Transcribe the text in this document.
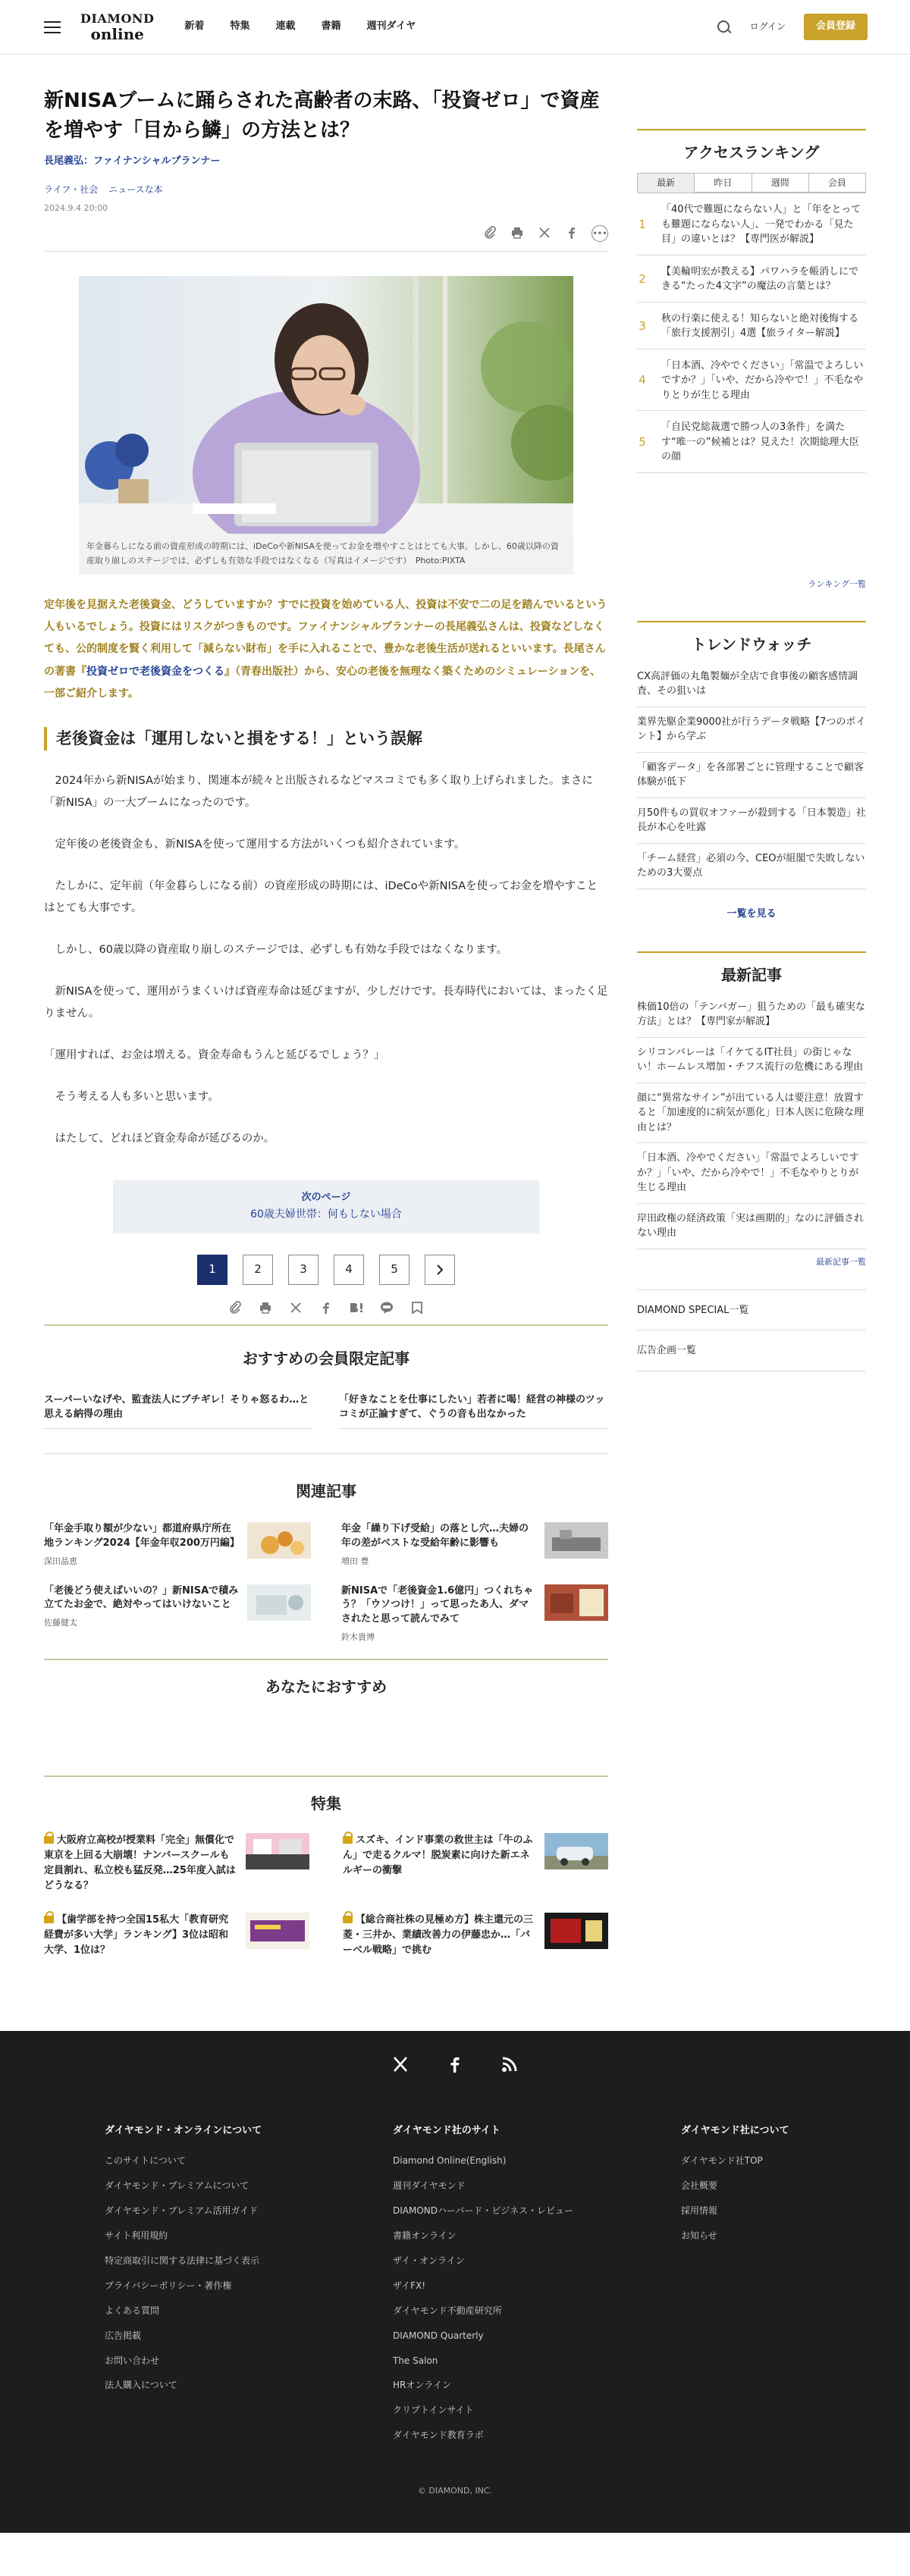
DIAMOND
online	新着	特集	連載	書籍	週刊ダイヤ	ログイン	会員登録
新NISAブームに踊らされた高齢者の末路、「投資ゼロ」で資産を増やす「目から鱗」の方法とは？
長尾義弘：ファイナンシャルプランナー
ライフ・社会 ニュースな本
2024.9.4 20:00
•••
年金暮らしになる前の資産形成の時期には、iDeCoや新NISAを使ってお金を増やすことはとても大事。しかし、60歳以降の資産取り崩しのステージでは、必ずしも有効な手段ではなくなる（写真はイメージです）　Photo:PIXTA
定年後を見据えた老後資金、どうしていますか？すでに投資を始めている人、投資は不安で二の足を踏んでいるという人もいるでしょう。投資にはリスクがつきものです。ファイナンシャルプランナーの長尾義弘さんは、投資などしなくても、公的制度を賢く利用して「減らない財布」を手に入れることで、豊かな老後生活が送れるといいます。長尾さんの著書『投資ゼロで老後資金をつくる』（青春出版社）から、安心の老後を無理なく築くためのシミュレーションを、一部ご紹介します。
老後資金は「運用しないと損をする！」という誤解

2024年から新NISAが始まり、関連本が続々と出版されるなどマスコミでも多く取り上げられました。まさに「新NISA」の一大ブームになったのです。

定年後の老後資金も、新NISAを使って運用する方法がいくつも紹介されています。

たしかに、定年前（年金暮らしになる前）の資産形成の時期には、iDeCoや新NISAを使ってお金を増やすことはとても大事です。

しかし、60歳以降の資産取り崩しのステージでは、必ずしも有効な手段ではなくなります。

新NISAを使って、運用がうまくいけば資産寿命は延びますが、少しだけです。長寿時代においては、まったく足りません。

「運用すれば、お金は増える。資金寿命もうんと延びるでしょう？」

そう考える人も多いと思います。

はたして、どれほど資金寿命が延びるのか。

次のページ
60歳夫婦世帯：何もしない場合
1	2	3	4	5
おすすめの会員限定記事
スーパーいなげや、監査法人にブチギレ！そりゃ怒るわ…と思える納得の理由
「好きなことを仕事にしたい」若者に喝！経営の神様のツッコミが正論すぎて、ぐうの音も出なかった
関連記事
「年金手取り額が少ない」都道府県庁所在地ランキング2024【年金年収200万円編】
深田晶恵
年金「繰り下げ受給」の落とし穴…夫婦の年の差がベストな受給年齢に影響も
増田 豊
「老後どう使えばいいの？」新NISAで積み立てたお金で、絶対やってはいけないこと
佐藤健太
新NISAで「老後資金1.6億円」つくれちゃう？「ウソつけ！」って思ったあ人、ダマされたと思って読んでみて
鈴木貴博
あなたにおすすめ
特集
大阪府立高校が授業料「完全」無償化で東京を上回る大崩壊！ナンバースクールも定員割れ、私立校も猛反発…25年度入試はどうなる？
スズキ、インド事業の救世主は「牛のふん」で走るクルマ！脱炭素に向けた新エネルギーの衝撃
【歯学部を持つ全国15私大「教育研究経費が多い大学」ランキング】3位は昭和大学、1位は？
【総合商社株の見極め方】株主還元の三菱・三井か、業績改善力の伊藤忠か…「バーベル戦略」で挑む
アクセスランキング
最新	昨日	週間	会員
1
「40代で難題にならない人」と「年をとっても難題にならない人」、一発でわかる「見た目」の違いとは？【専門医が解説】
2
【美輪明宏が教える】パワハラを帳消しにできる“たった4文字”の魔法の言葉とは？
3
秋の行楽に使える！知らないと絶対後悔する「旅行支援割引」4選【旅ライター解説】
4
「日本酒、冷やでください」「常温でよろしいですか？」「いや、だから冷やで！」不毛なやりとりが生じる理由
5
「自民党総裁選で勝つ人の3条件」を満たす“唯一の”候補とは？見えた！次期総理大臣の顔
ランキング一覧
トレンドウォッチ
CX高評価の丸亀製麺が全店で食事後の顧客感情調査、その狙いは
業界先駆企業9000社が行うデータ戦略【7つのポイント】から学ぶ
「顧客データ」を各部署ごとに管理することで顧客体験が低下
月50件もの買収オファーが殺到する「日本製造」社長が本心を吐露
「チーム経営」必須の今、CEOが組閣で失敗しないための3大要点
一覧を見る
最新記事
株価10倍の「テンバガー」狙うための「最も確実な方法」とは？【専門家が解説】
シリコンバレーは「イケてるIT社員」の街じゃない！ホームレス増加・チフス流行の危機にある理由
顔に“異常なサイン”が出ている人は要注意！放置すると「加速度的に病気が悪化」日本人医に危険な理由とは？
「日本酒、冷やでください」「常温でよろしいですか？」「いや、だから冷やで！」不毛なやりとりが生じる理由
岸田政権の経済政策「実は画期的」なのに評価されない理由
最新記事一覧
DIAMOND SPECIAL一覧
広告企画一覧
ダイヤモンド・オンラインについて
このサイトについて
ダイヤモンド・プレミアムについて
ダイヤモンド・プレミアム活用ガイド
サイト利用規約
特定商取引に関する法律に基づく表示
プライバシーポリシー・著作権
よくある質問
広告掲載
お問い合わせ
法人購入について
ダイヤモンド社のサイト
Diamond Online(English)
週刊ダイヤモンド
DIAMONDハーバード・ビジネス・レビュー
書籍オンライン
ザイ・オンライン
ザイFX!
ダイヤモンド不動産研究所
DIAMOND Quarterly
The Salon
HRオンライン
クリプトインサイト
ダイヤモンド教育ラボ
ダイヤモンド社について
ダイヤモンド社TOP
会社概要
採用情報
お知らせ
© DIAMOND, INC.
